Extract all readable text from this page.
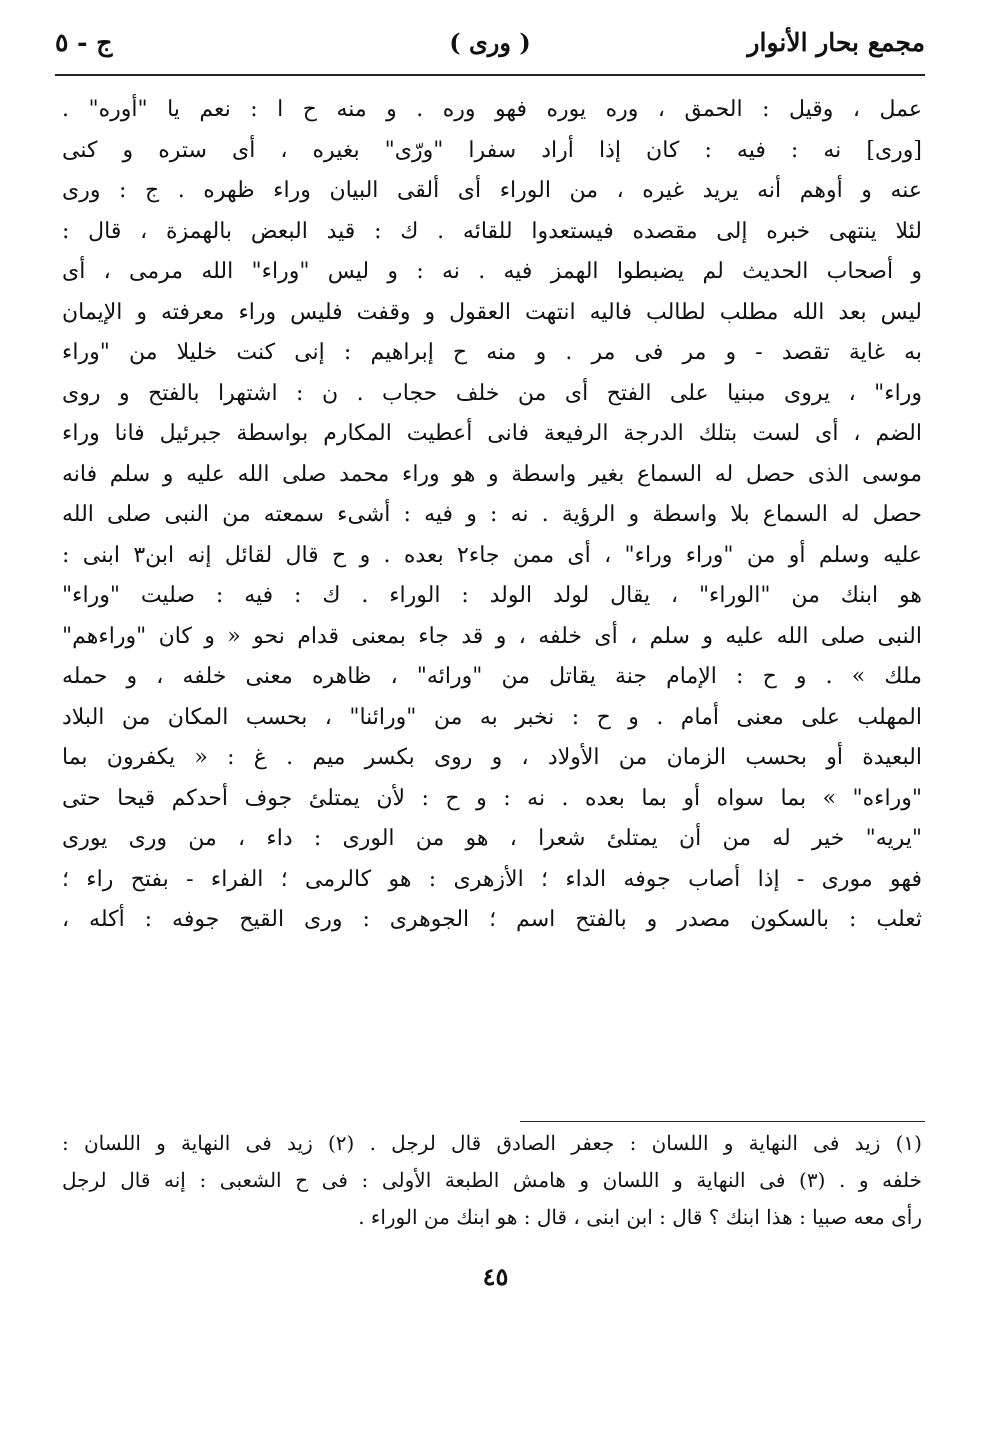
مجمع بحار الأنوار
( ورى )
ج - ٥
عمل ، وقيل : الحمق ، وره يوره فهو وره . و منه ح ا : نعم يا "أوره" .
[ورى] نه : فيه : كان إذا أراد سفرا "ورّى" بغيره ، أى ستره و كنى
عنه و أوهم أنه يريد غيره ، من الوراء أى ألقى البيان وراء ظهره . ج : ورى
لئلا ينتهى خبره إلى مقصده فيستعدوا للقائه . ك : قيد البعض بالهمزة ، قال :
و أصحاب الحديث لم يضبطوا الهمز فيه . نه : و ليس "وراء" الله مرمى ، أى
ليس بعد الله مطلب لطالب فاليه انتهت العقول و وقفت فليس وراء معرفته و الإيمان
به غاية تقصد - و مر فى مر . و منه ح إبراهيم : إنى كنت خليلا من "وراء
وراء" ، يروى مبنيا على الفتح أى من خلف حجاب . ن : اشتهرا بالفتح و روى
الضم ، أى لست بتلك الدرجة الرفيعة فانى أعطيت المكارم بواسطة جبرئيل فانا وراء
موسى الذى حصل له السماع بغير واسطة و هو وراء محمد صلى الله عليه و سلم فانه
حصل له السماع بلا واسطة و الرؤية . نه : و فيه : أشىء سمعته من النبى صلى الله
عليه وسلم أو من "وراء وراء" ، أى ممن جاء٢ بعده . و ح قال لقائل إنه ابن٣ ابنى :
هو ابنك من "الوراء" ، يقال لولد الولد : الوراء . ك : فيه : صليت "وراء"
النبى صلى الله عليه و سلم ، أى خلفه ، و قد جاء بمعنى قدام نحو « و كان "وراءهم"
ملك » . و ح : الإمام جنة يقاتل من "ورائه" ، ظاهره معنى خلفه ، و حمله
المهلب على معنى أمام . و ح : نخبر به من "ورائنا" ، بحسب المكان من البلاد
البعيدة أو بحسب الزمان من الأولاد ، و روى بكسر ميم . غ : « يكفرون بما
"وراءه" » بما سواه أو بما بعده . نه : و ح : لأن يمتلئ جوف أحدكم قيحا حتى
"يريه" خير له من أن يمتلئ شعرا ، هو من الورى : داء ، من ورى يورى
فهو مورى - إذا أصاب جوفه الداء ؛ الأزهرى : هو كالرمى ؛ الفراء - بفتح راء ؛
ثعلب : بالسكون مصدر و بالفتح اسم ؛ الجوهرى : ورى القيح جوفه : أكله ،
(١) زيد فى النهاية و اللسان : جعفر الصادق قال لرجل . (٢) زيد فى النهاية و اللسان :
خلفه و . (٣) فى النهاية و اللسان و هامش الطبعة الأولى : فى ح الشعبى : إنه قال لرجل
رأى معه صبيا : هذا ابنك ؟ قال : ابن ابنى ، قال : هو ابنك من الوراء .
٤٥
